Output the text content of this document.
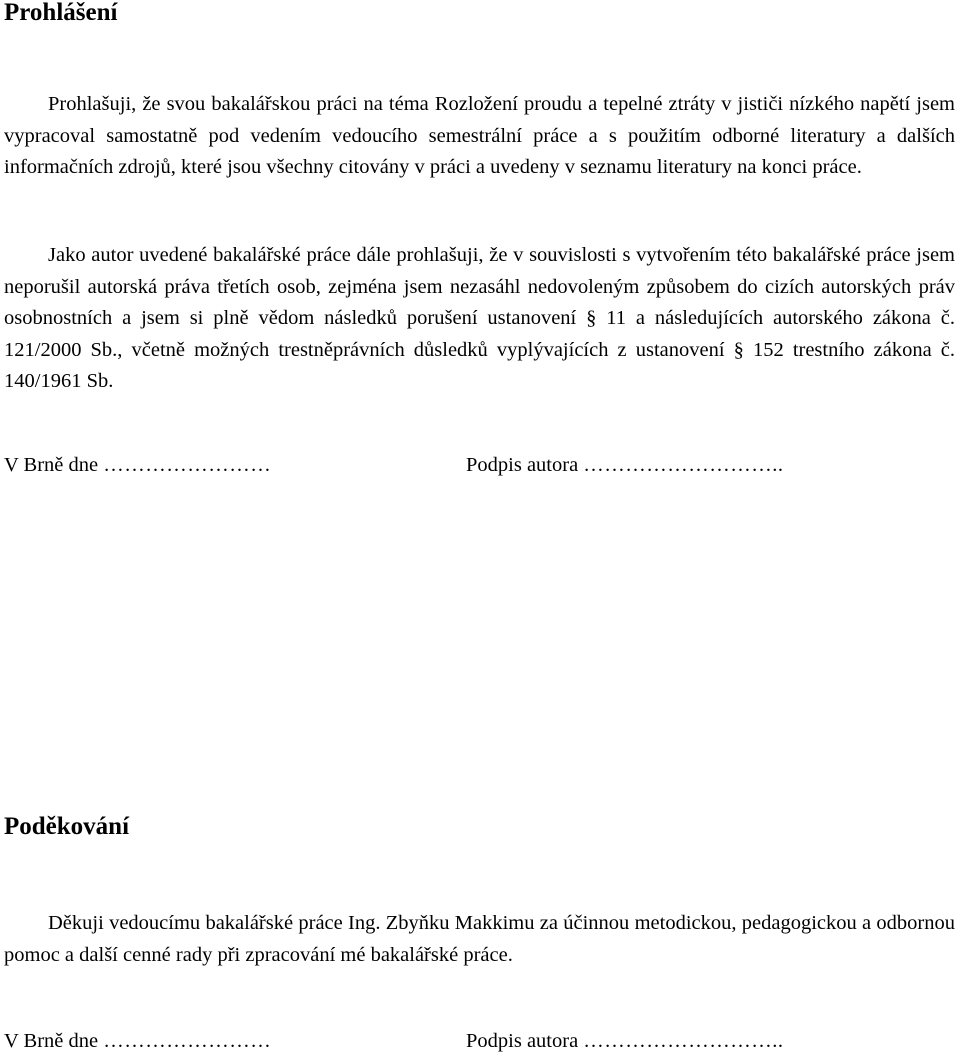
Prohlášení

Prohlašuji, že svou bakalářskou práci na téma Rozložení proudu a tepelné ztráty v jističi nízkého napětí jsem vypracoval samostatně pod vedením vedoucího semestrální práce a s použitím odborné literatury a dalších informačních zdrojů, které jsou všechny citovány v práci a uvedeny v seznamu literatury na konci práce.

Jako autor uvedené bakalářské práce dále prohlašuji, že v souvislosti s vytvořením této bakalářské práce jsem neporušil autorská práva třetích osob, zejména jsem nezasáhl nedovoleným způsobem do cizích autorských práv osobnostních a jsem si plně vědom následků porušení ustanovení § 11 a následujících autorského zákona č. 121/2000 Sb., včetně možných trestněprávních důsledků vyplývajících z ustanovení § 152 trestního zákona č. 140/1961 Sb.

V Brně dne ……………………	Podpis autora ………………………..
Poděkování

Děkuji vedoucímu bakalářské práce Ing. Zbyňku Makkimu za účinnou metodickou, pedagogickou a odbornou pomoc a další cenné rady při zpracování mé bakalářské práce.

V Brně dne ……………………	Podpis autora ………………………..
